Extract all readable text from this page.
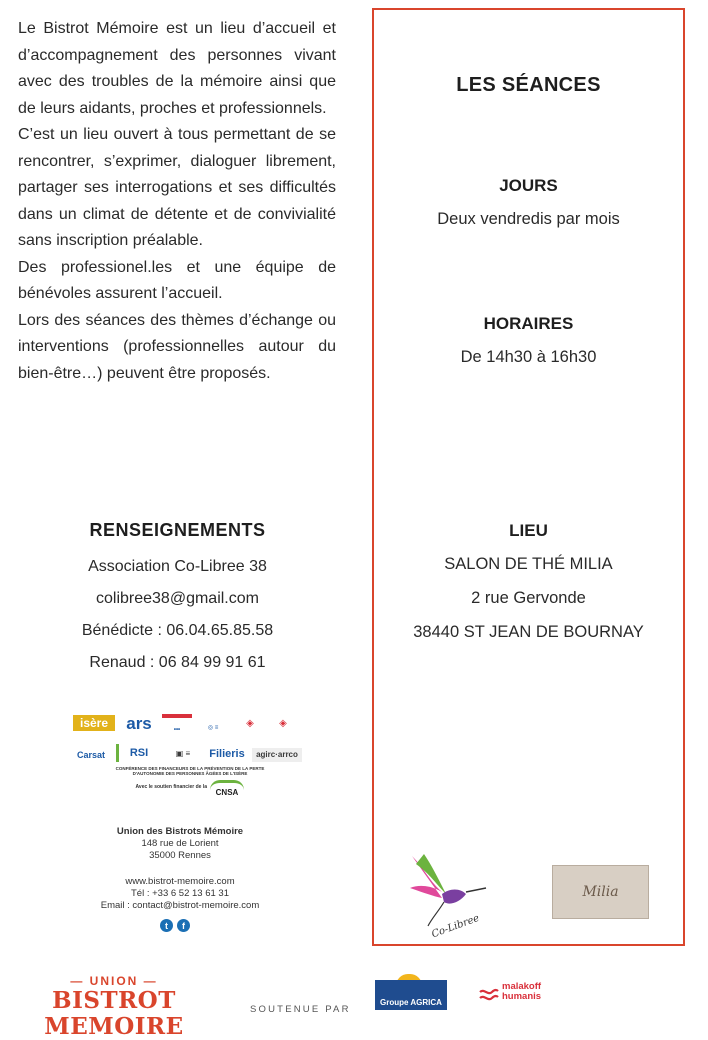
Le Bistrot Mémoire est un lieu d’accueil et d’accompagnement des personnes vivant avec des troubles de la mémoire ainsi que de leurs aidants, proches et professionnels.

C’est un lieu ouvert à tous permettant de se rencontrer, s’exprimer, dialoguer librement, partager ses interrogations et ses difficultés dans un climat de détente et de convivialité sans inscription préalable.

Des professionel.les et une équipe de bénévoles assurent l’accueil.

Lors des séances des thèmes d’échange ou interventions (professionnelles autour du bien-être…) peuvent être proposés.

RENSEIGNEMENTS
Association Co-Libree 38
colibree38@gmail.com
Bénédicte : 06.04.65.85.58
Renaud : 06 84 99 91 61
isère ars	•••	◎ ≡	◈	◈
Carsat RSI	▣ ≡	Filieris agirc·arrco
CONFÉRENCE DES FINANCEURS DE LA PRÉVENTION DE LA PERTE D'AUTONOMIE DES PERSONNES ÂGÉES DE L'ISÈRE
Avec le soutien financier de la
CNSA
Union des Bistrots Mémoire
148 rue de Lorient
35000 Rennes
www.bistrot-memoire.com
Tél : +33 6 52 13 61 31
Email : contact@bistrot-memoire.com
t	f
LES SÉANCES
JOURS
Deux vendredis par mois
HORAIRES
De 14h30 à 16h30
LIEU
SALON DE THÉ MILIA
2 rue Gervonde
38440 ST JEAN DE BOURNAY
Co-Libree
Milia
— UNION —
BISTROT MEMOIRE
SOUTENUE PAR
Groupe AGRICA
malakoff
humanis
